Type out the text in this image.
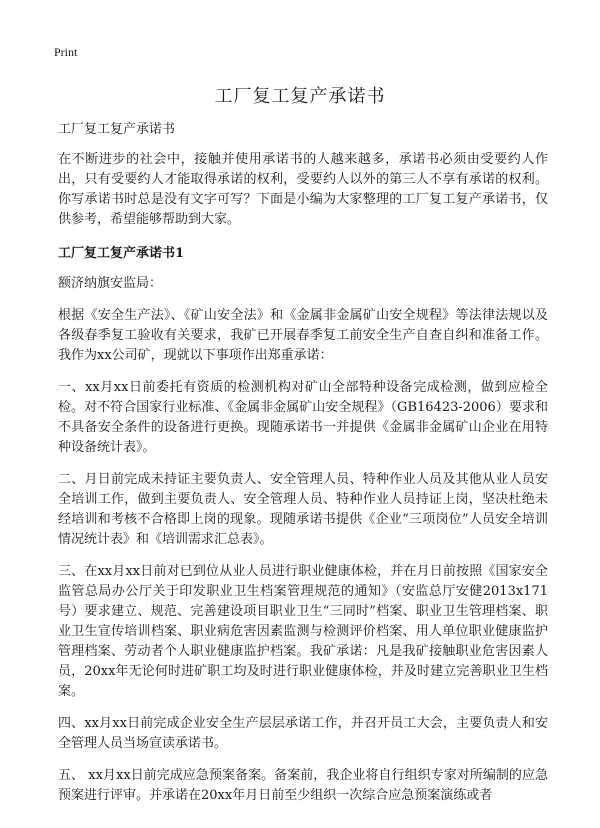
Print
工厂复工复产承诺书

工厂复工复产承诺书

在不断进步的社会中，接触并使用承诺书的人越来越多，承诺书必须由受要约人作出，只有受要约人才能取得承诺的权利，受要约人以外的第三人不享有承诺的权利。你写承诺书时总是没有文字可写？下面是小编为大家整理的工厂复工复产承诺书，仅供参考，希望能够帮助到大家。

工厂复工复产承诺书1

额济纳旗安监局：

根据《安全生产法》、《矿山安全法》和《金属非金属矿山安全规程》等法律法规以及各级春季复工验收有关要求，我矿已开展春季复工前安全生产自查自纠和准备工作。我作为xx公司矿，现就以下事项作出郑重承诺：

一、xx月xx日前委托有资质的检测机构对矿山全部特种设备完成检测，做到应检全检。对不符合国家行业标准、《金属非金属矿山安全规程》（GB16423-2006）要求和不具备安全条件的设备进行更换。现随承诺书一并提供《金属非金属矿山企业在用特种设备统计表》。

二、月日前完成未持证主要负责人、安全管理人员、特种作业人员及其他从业人员安全培训工作，做到主要负责人、安全管理人员、特种作业人员持证上岗，坚决杜绝未经培训和考核不合格即上岗的现象。现随承诺书提供《企业“三项岗位”人员安全培训情况统计表》和《培训需求汇总表》。

三、在xx月xx日前对已到位从业人员进行职业健康体检，并在月日前按照《国家安全监管总局办公厅关于印发职业卫生档案管理规范的通知》（安监总厅安健2013x171号）要求建立、规范、完善建设项目职业卫生“三同时”档案、职业卫生管理档案、职业卫生宣传培训档案、职业病危害因素监测与检测评价档案、用人单位职业健康监护管理档案、劳动者个人职业健康监护档案。我矿承诺：凡是我矿接触职业危害因素人员，20xx年无论何时进矿职工均及时进行职业健康体检，并及时建立完善职业卫生档案。

四、xx月xx日前完成企业安全生产层层承诺工作，并召开员工大会，主要负责人和安全管理人员当场宣读承诺书。

五、 xx月xx日前完成应急预案备案。备案前，我企业将自行组织专家对所编制的应急预案进行评审。并承诺在20xx年月日前至少组织一次综合应急预案演练或者
